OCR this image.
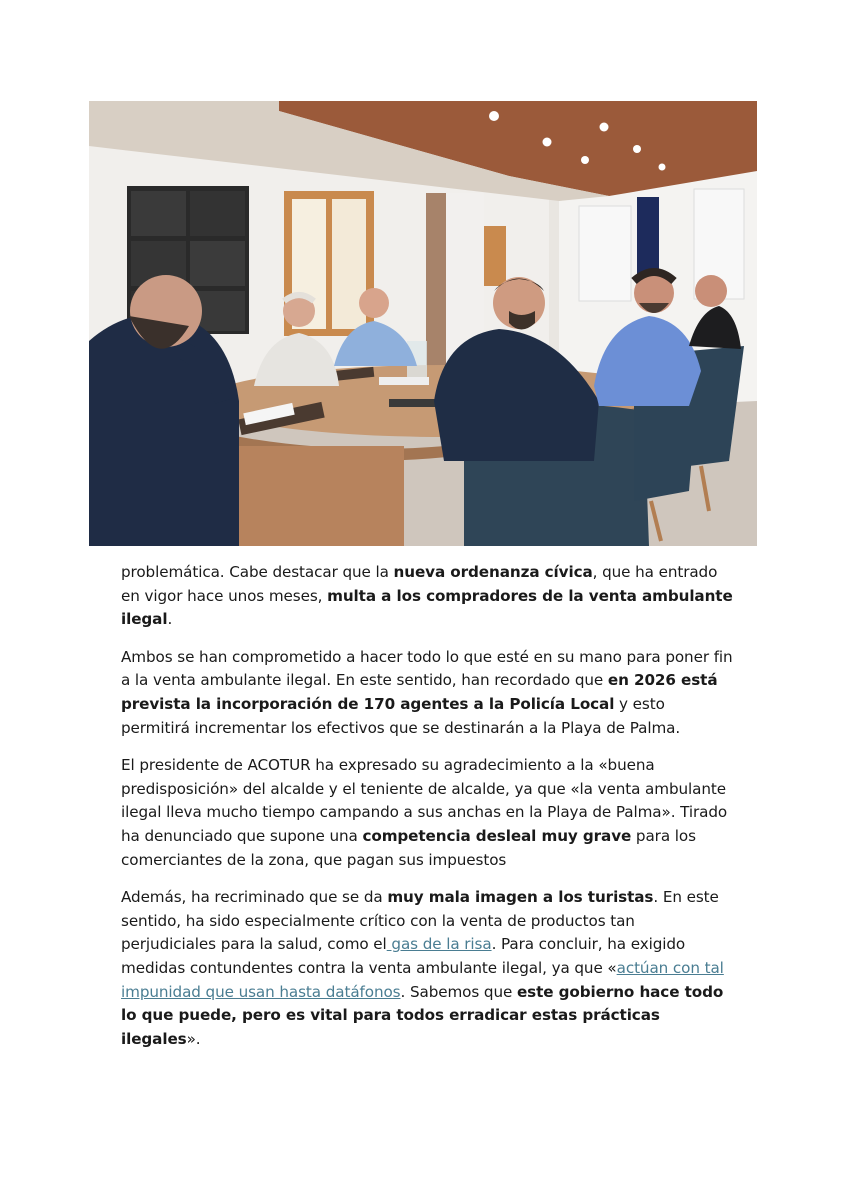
problemática. Cabe destacar que la nueva ordenanza cívica, que ha entrado en vigor hace unos meses, multa a los compradores de la venta ambulante ilegal.

Ambos se han comprometido a hacer todo lo que esté en su mano para poner fin a la venta ambulante ilegal. En este sentido, han recordado que en 2026 está prevista la incorporación de 170 agentes a la Policía Local y esto permitirá incrementar los efectivos que se destinarán a la Playa de Palma.

El presidente de ACOTUR ha expresado su agradecimiento a la «buena predisposición» del alcalde y el teniente de alcalde, ya que «la venta ambulante ilegal lleva mucho tiempo campando a sus anchas en la Playa de Palma». Tirado ha denunciado que supone una competencia desleal muy grave para los comerciantes de la zona, que pagan sus impuestos

Además, ha recriminado que se da muy mala imagen a los turistas. En este sentido, ha sido especialmente crítico con la venta de productos tan perjudiciales para la salud, como el gas de la risa. Para concluir, ha exigido medidas contundentes contra la venta ambulante ilegal, ya que «actúan con tal impunidad que usan hasta datáfonos. Sabemos que este gobierno hace todo lo que puede, pero es vital para todos erradicar estas prácticas ilegales».
